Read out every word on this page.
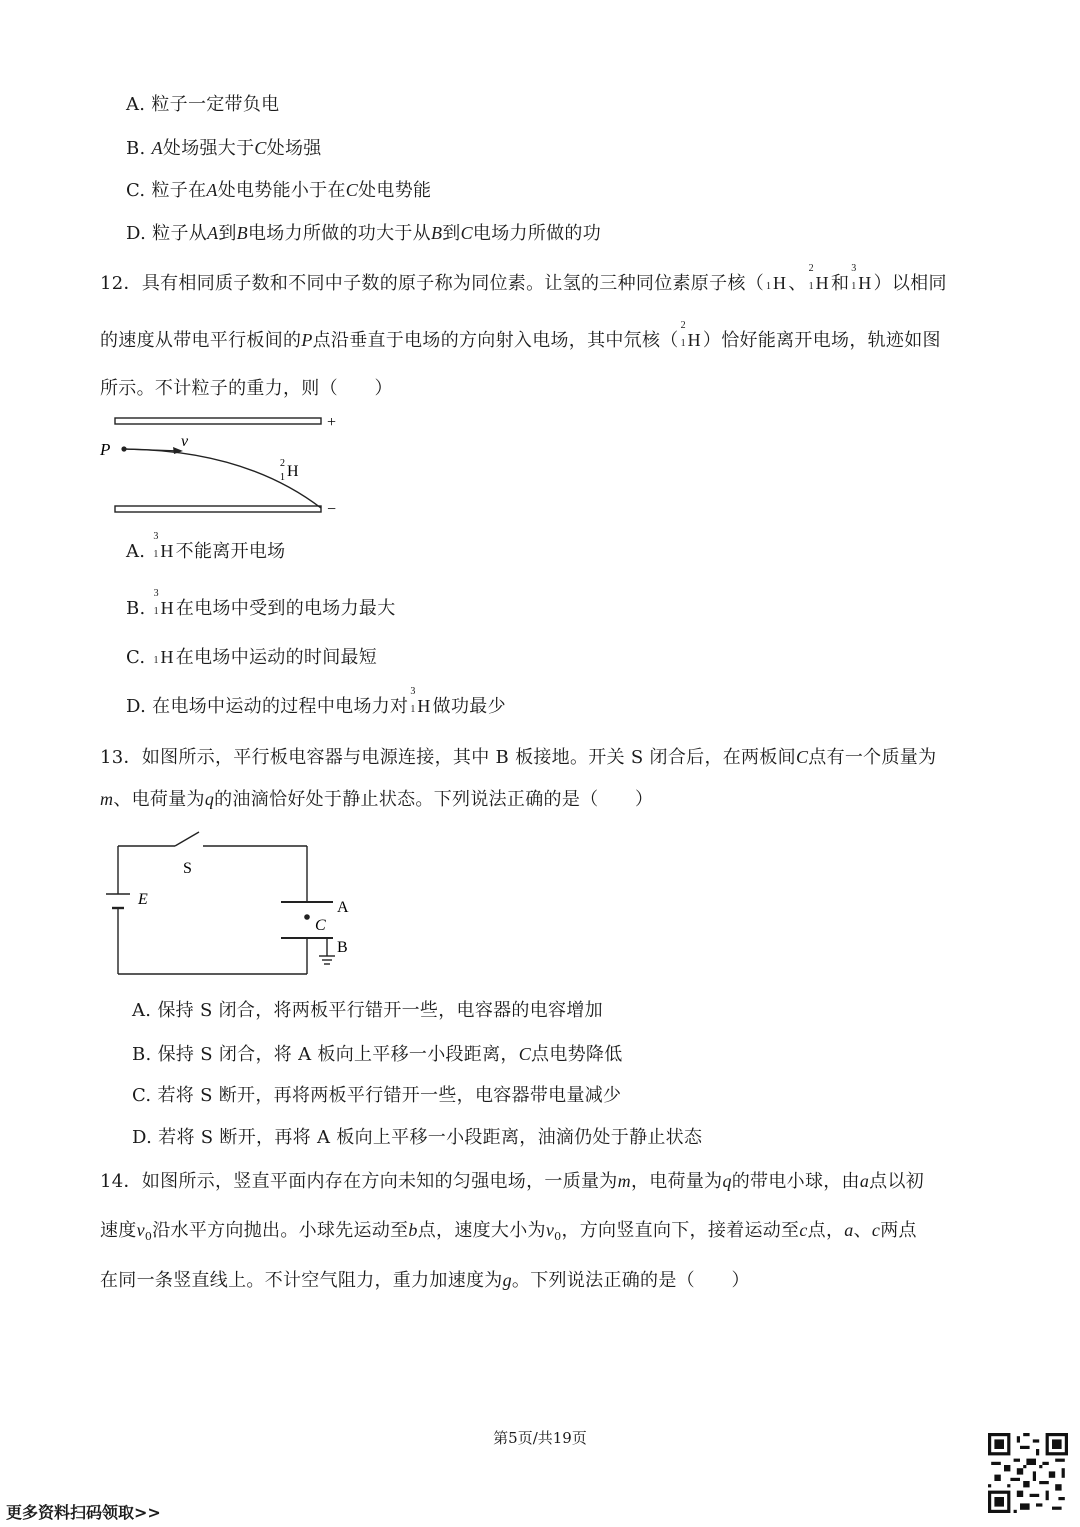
A. 粒子一定带负电
B. A处场强大于C处场强
C. 粒子在A处电势能小于在C处电势能
D. 粒子从A到B电场力所做的功大于从B到C电场力所做的功
12．具有相同质子数和不同中子数的原子称为同位素。让氢的三种同位素原子核（
1 H 、
2
1 H 和
3
1 H ）以相同
的速度从带电平行板间的P点沿垂直于电场的方向射入电场，其中氘核（
2
1 H ）恰好能离开电场，轨迹如图
所示。不计粒子的重力，则（　　）
+
−
P	v
2
1 H
A.
3
1 H 不能离开电场
B.
3
1 H 在电场中受到的电场力最大
C.
1 H 在电场中运动的时间最短
D. 在电场中运动的过程中电场力对
3
1 H 做功最少
13．如图所示，平行板电容器与电源连接，其中 B 板接地。开关 S 闭合后，在两板间C点有一个质量为
m、电荷量为q的油滴恰好处于静止状态。下列说法正确的是（　　）
S
E	A
C
B
A. 保持 S 闭合，将两板平行错开一些，电容器的电容增加
B. 保持 S 闭合，将 A 板向上平移一小段距离，C点电势降低
C. 若将 S 断开，再将两板平行错开一些，电容器带电量减少
D. 若将 S 断开，再将 A 板向上平移一小段距离，油滴仍处于静止状态
14．如图所示，竖直平面内存在方向未知的匀强电场，一质量为m，电荷量为q的带电小球，由a点以初
速度$v_0$沿水平方向抛出。小球先运动至b点，速度大小为$v_0$，方向竖直向下，接着运动至c点，a、c两点
在同一条竖直线上。不计空气阻力，重力加速度为g。下列说法正确的是（　　）
第5页/共19页
更多资料扫码领取>>
